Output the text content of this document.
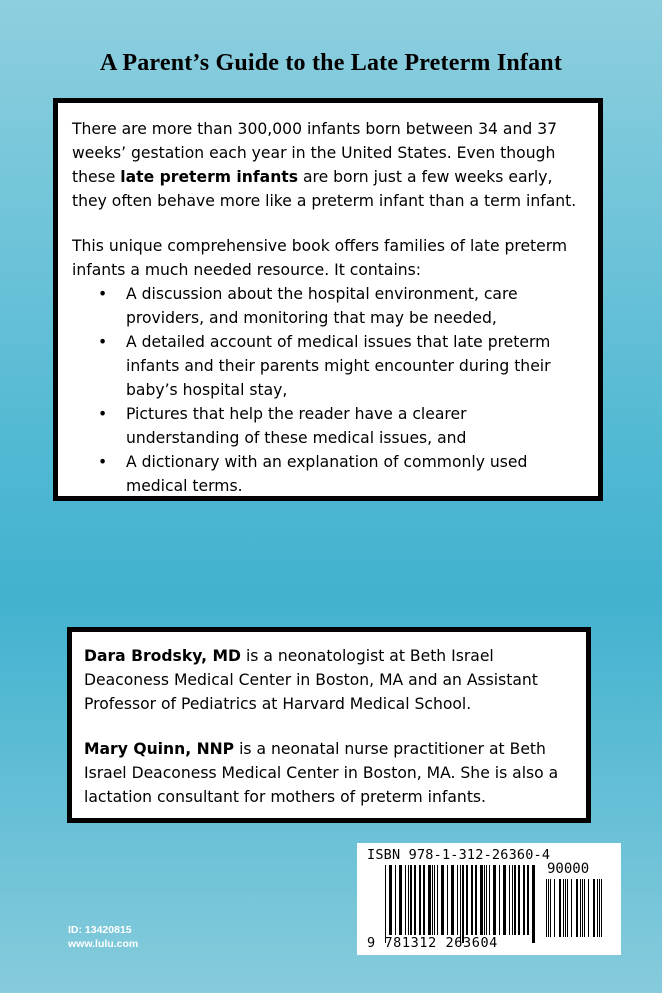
A Parent’s Guide to the Late Preterm Infant

There are more than 300,000 infants born between 34 and 37 weeks’ gestation each year in the United States. Even though these late preterm infants are born just a few weeks early, they often behave more like a preterm infant than a term infant.

This unique comprehensive book offers families of late preterm infants a much needed resource. It contains:

• A discussion about the hospital environment, care providers, and monitoring that may be needed,
• A detailed account of medical issues that late preterm infants and their parents might encounter during their baby’s hospital stay,
• Pictures that help the reader have a clearer understanding of these medical issues, and
• A dictionary with an explanation of commonly used medical terms.

Dara Brodsky, MD is a neonatologist at Beth Israel Deaconess Medical Center in Boston, MA and an Assistant Professor of Pediatrics at Harvard Medical School.

Mary Quinn, NNP is a neonatal nurse practitioner at Beth Israel Deaconess Medical Center in Boston, MA. She is also a lactation consultant for mothers of preterm infants.

ID: 13420815
www.lulu.com
ISBN 978-1-312-26360-4
90000
9 781312 263604
